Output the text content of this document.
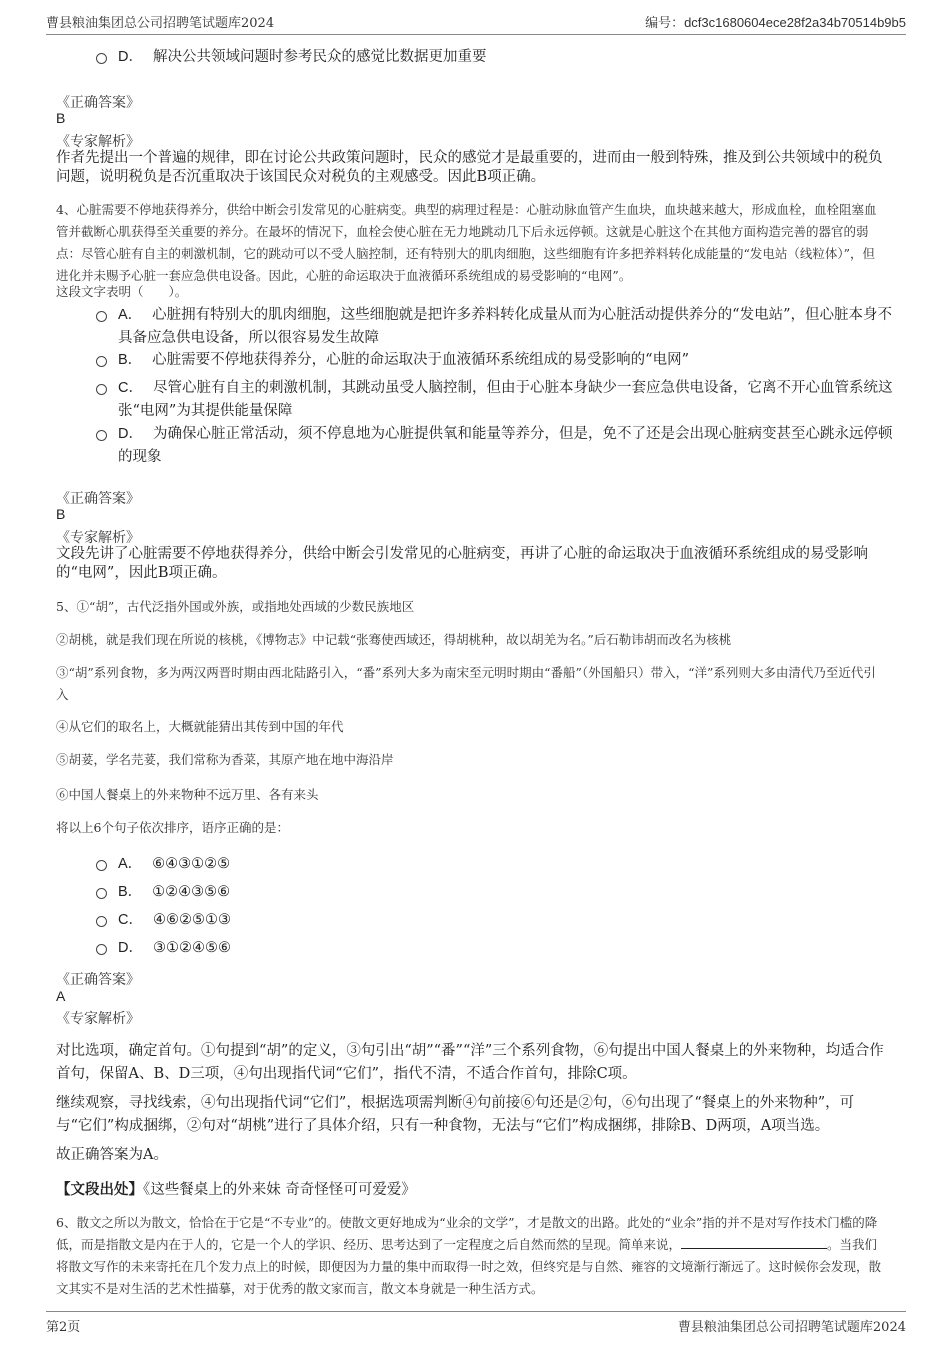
曹县粮油集团总公司招聘笔试题库2024	编号：dcf3c1680604ece28f2a34b70514b9b5
D． 解决公共领域问题时参考民众的感觉比数据更加重要
《正确答案》
B
《专家解析》
作者先提出一个普遍的规律，即在讨论公共政策问题时，民众的感觉才是最重要的，进而由一般到特殊，推及到公共领域中的税负问题，说明税负是否沉重取决于该国民众对税负的主观感受。因此B项正确。
4、心脏需要不停地获得养分，供给中断会引发常见的心脏病变。典型的病理过程是：心脏动脉血管产生血块，血块越来越大，形成血栓，血栓阻塞血管并截断心肌获得至关重要的养分。在最坏的情况下，血栓会使心脏在无力地跳动几下后永远停顿。这就是心脏这个在其他方面构造完善的器官的弱点：尽管心脏有自主的刺激机制，它的跳动可以不受人脑控制，还有特别大的肌肉细胞，这些细胞有许多把养料转化成能量的“发电站（线粒体）”，但进化并未赐予心脏一套应急供电设备。因此，心脏的命运取决于血液循环系统组成的易受影响的“电网”。
这段文字表明（　　）。
A． 心脏拥有特别大的肌肉细胞，这些细胞就是把许多养料转化成量从而为心脏活动提供养分的“发电站”，但心脏本身不具备应急供电设备，所以很容易发生故障
B． 心脏需要不停地获得养分，心脏的命运取决于血液循环系统组成的易受影响的“电网”
C． 尽管心脏有自主的刺激机制，其跳动虽受人脑控制，但由于心脏本身缺少一套应急供电设备，它离不开心血管系统这张“电网”为其提供能量保障
D． 为确保心脏正常活动，须不停息地为心脏提供氧和能量等养分，但是，免不了还是会出现心脏病变甚至心跳永远停顿的现象
《正确答案》
B
《专家解析》
文段先讲了心脏需要不停地获得养分，供给中断会引发常见的心脏病变，再讲了心脏的命运取决于血液循环系统组成的易受影响的“电网”，因此B项正确。
5、①“胡”，古代泛指外国或外族，或指地处西域的少数民族地区
②胡桃，就是我们现在所说的核桃，《博物志》中记载“张骞使西域还，得胡桃种，故以胡羌为名。”后石勒讳胡而改名为核桃
③“胡”系列食物，多为两汉两晋时期由西北陆路引入，“番”系列大多为南宋至元明时期由“番船”（外国船只）带入，“洋”系列则大多由清代乃至近代引入
④从它们的取名上，大概就能猜出其传到中国的年代
⑤胡荽，学名芫荽，我们常称为香菜，其原产地在地中海沿岸
⑥中国人餐桌上的外来物种不远万里、各有来头
将以上6个句子依次排序，语序正确的是：
A． ⑥④③①②⑤
B． ①②④③⑤⑥
C． ④⑥②⑤①③
D． ③①②④⑤⑥
《正确答案》
A
《专家解析》
对比选项，确定首句。①句提到“胡”的定义，③句引出“胡”“番”“洋”三个系列食物，⑥句提出中国人餐桌上的外来物种，均适合作首句，保留A、B、D三项，④句出现指代词“它们”，指代不清，不适合作首句，排除C项。
继续观察，寻找线索，④句出现指代词“它们”，根据选项需判断④句前接⑥句还是②句，⑥句出现了“餐桌上的外来物种”，可与“它们”构成捆绑，②句对“胡桃”进行了具体介绍，只有一种食物，无法与“它们”构成捆绑，排除B、D两项，A项当选。
故正确答案为A。
【文段出处】《这些餐桌上的外来妹 奇奇怪怪可可爱爱》
6、散文之所以为散文，恰恰在于它是“不专业”的。使散文更好地成为“业余的文学”，才是散文的出路。此处的“业余”指的并不是对写作技术门槛的降低，而是指散文是内在于人的，它是一个人的学识、经历、思考达到了一定程度之后自然而然的呈现。简单来说，	。当我们将散文写作的未来寄托在几个发力点上的时候，即便因为力量的集中而取得一时之效，但终究是与自然、雍容的文境渐行渐远了。这时候你会发现，散文其实不是对生活的艺术性描摹，对于优秀的散文家而言，散文本身就是一种生活方式。
第2页	曹县粮油集团总公司招聘笔试题库2024
